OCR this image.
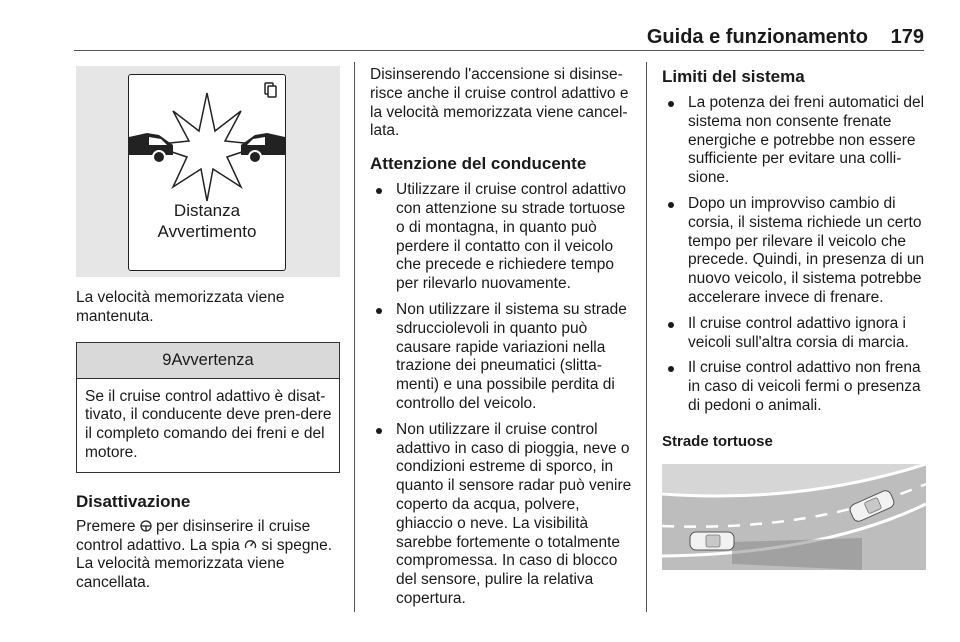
Guida e funzionamento 179
Distanza
Avvertimento

La velocità memorizzata viene mantenuta.

9Avvertenza
Se il cruise control adattivo è disat-tivato, il conducente deve pren-dere il completo comando dei freni e del motore.
Disattivazione

Premere  per disinserire il cruise control adattivo. La spia  si spegne. La velocità memorizzata viene cancellata.

Disinserendo l'accensione si disinse-risce anche il cruise control adattivo e la velocità memorizzata viene cancel-lata.

Attenzione del conducente
Utilizzare il cruise control adattivo con attenzione su strade tortuose o di montagna, in quanto può perdere il contatto con il veicolo che precede e richiedere tempo per rilevarlo nuovamente.
Non utilizzare il sistema su strade sdrucciolevoli in quanto può causare rapide variazioni nella trazione dei pneumatici (slitta-menti) e una possibile perdita di controllo del veicolo.
Non utilizzare il cruise control adattivo in caso di pioggia, neve o condizioni estreme di sporco, in quanto il sensore radar può venire coperto da acqua, polvere, ghiaccio o neve. La visibilità sarebbe fortemente o totalmente compromessa. In caso di blocco del sensore, pulire la relativa copertura.
Limiti del sistema
La potenza dei freni automatici del sistema non consente frenate energiche e potrebbe non essere sufficiente per evitare una colli-sione.
Dopo un improvviso cambio di corsia, il sistema richiede un certo tempo per rilevare il veicolo che precede. Quindi, in presenza di un nuovo veicolo, il sistema potrebbe accelerare invece di frenare.
Il cruise control adattivo ignora i veicoli sull'altra corsia di marcia.
Il cruise control adattivo non frena in caso di veicoli fermi o presenza di pedoni o animali.
Strade tortuose
